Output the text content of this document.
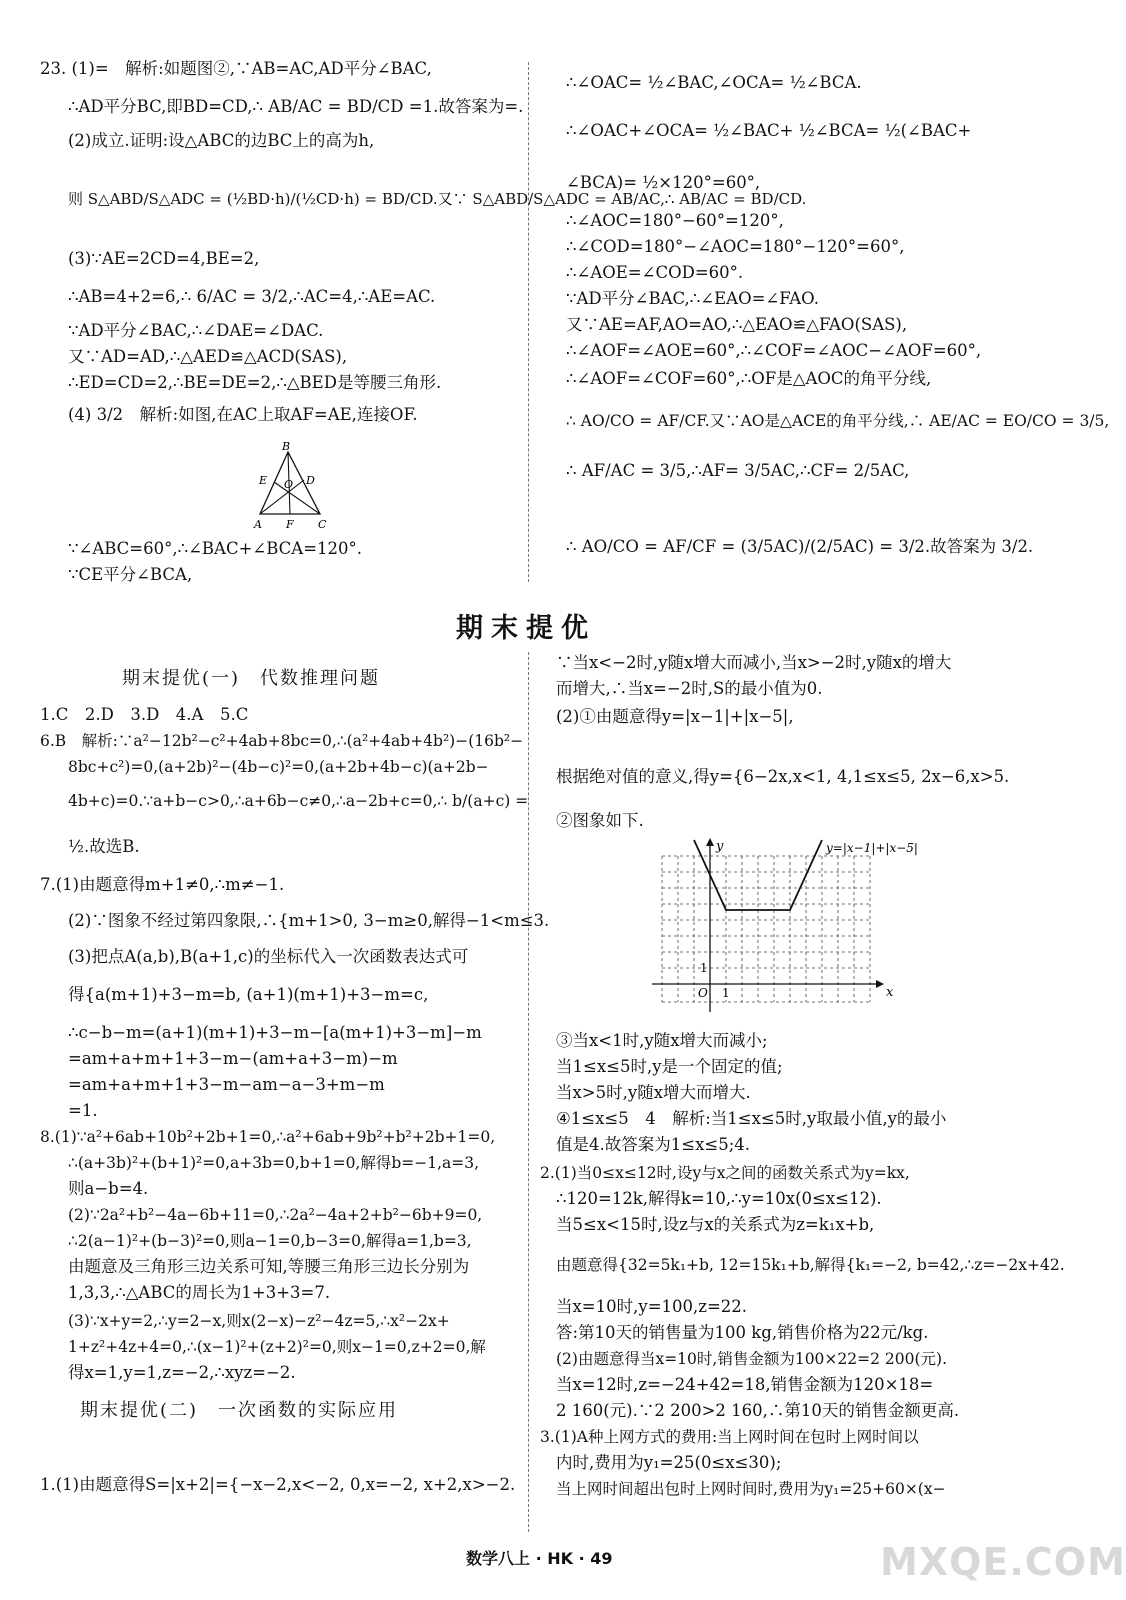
23. (1)=　解析:如题图②,∵AB=AC,AD平分∠BAC,
∴AD平分BC,即BD=CD,∴ AB/AC = BD/CD =1.故答案为=.
(2)成立.证明:设△ABC的边BC上的高为h,
则 S△ABD/S△ADC = (½BD·h)/(½CD·h) = BD/CD.又∵ S△ABD/S△ADC = AB/AC,∴ AB/AC = BD/CD.
(3)∵AE=2CD=4,BE=2,
∴AB=4+2=6,∴ 6/AC = 3/2,∴AC=4,∴AE=AC.
∵AD平分∠BAC,∴∠DAE=∠DAC.
又∵AD=AD,∴△AED≌△ACD(SAS),
∴ED=CD=2,∴BE=DE=2,∴△BED是等腰三角形.
(4) 3/2　解析:如图,在AC上取AF=AE,连接OF.
B
E O D
A F C
∵∠ABC=60°,∴∠BAC+∠BCA=120°.
∵CE平分∠BCA,
∴∠OAC= ½∠BAC,∠OCA= ½∠BCA.
∴∠OAC+∠OCA= ½∠BAC+ ½∠BCA= ½(∠BAC+
∠BCA)= ½×120°=60°,
∴∠AOC=180°−60°=120°,
∴∠COD=180°−∠AOC=180°−120°=60°,
∴∠AOE=∠COD=60°.
∵AD平分∠BAC,∴∠EAO=∠FAO.
又∵AE=AF,AO=AO,∴△EAO≌△FAO(SAS),
∴∠AOF=∠AOE=60°,∴∠COF=∠AOC−∠AOF=60°,
∴∠AOF=∠COF=60°,∴OF是△AOC的角平分线,
∴ AO/CO = AF/CF.又∵AO是△ACE的角平分线,∴ AE/AC = EO/CO = 3/5,
∴ AF/AC = 3/5,∴AF= 3/5AC,∴CF= 2/5AC,
∴ AO/CO = AF/CF = (3/5AC)/(2/5AC) = 3/2.故答案为 3/2.
期末提优
期末提优(一)　代数推理问题
1.C　2.D　3.D　4.A　5.C
6.B　解析:∵a²−12b²−c²+4ab+8bc=0,∴(a²+4ab+4b²)−(16b²−
8bc+c²)=0,(a+2b)²−(4b−c)²=0,(a+2b+4b−c)(a+2b−
4b+c)=0.∵a+b−c>0,∴a+6b−c≠0,∴a−2b+c=0,∴ b/(a+c) =
½.故选B.
7.(1)由题意得m+1≠0,∴m≠−1.
(2)∵图象不经过第四象限,∴{m+1>0, 3−m≥0,解得−1<m≤3.
(3)把点A(a,b),B(a+1,c)的坐标代入一次函数表达式可
得{a(m+1)+3−m=b, (a+1)(m+1)+3−m=c,
∴c−b−m=(a+1)(m+1)+3−m−[a(m+1)+3−m]−m
=am+a+m+1+3−m−(am+a+3−m)−m
=am+a+m+1+3−m−am−a−3+m−m
=1.
8.(1)∵a²+6ab+10b²+2b+1=0,∴a²+6ab+9b²+b²+2b+1=0,
∴(a+3b)²+(b+1)²=0,a+3b=0,b+1=0,解得b=−1,a=3,
则a−b=4.
(2)∵2a²+b²−4a−6b+11=0,∴2a²−4a+2+b²−6b+9=0,
∴2(a−1)²+(b−3)²=0,则a−1=0,b−3=0,解得a=1,b=3,
由题意及三角形三边关系可知,等腰三角形三边长分别为
1,3,3,∴△ABC的周长为1+3+3=7.
(3)∵x+y=2,∴y=2−x,则x(2−x)−z²−4z=5,∴x²−2x+
1+z²+4z+4=0,∴(x−1)²+(z+2)²=0,则x−1=0,z+2=0,解
得x=1,y=1,z=−2,∴xyz=−2.
期末提优(二)　一次函数的实际应用
1.(1)由题意得S=|x+2|={−x−2,x<−2, 0,x=−2, x+2,x>−2.
∵当x<−2时,y随x增大而减小,当x>−2时,y随x的增大
而增大,∴当x=−2时,S的最小值为0.
(2)①由题意得y=|x−1|+|x−5|,
根据绝对值的意义,得y={6−2x,x<1, 4,1≤x≤5, 2x−6,x>5.
②图象如下.
y
x
O 1
1
y=|x−1|+|x−5|
③当x<1时,y随x增大而减小;
当1≤x≤5时,y是一个固定的值;
当x>5时,y随x增大而增大.
④1≤x≤5　4　解析:当1≤x≤5时,y取最小值,y的最小
值是4.故答案为1≤x≤5;4.
2.(1)当0≤x≤12时,设y与x之间的函数关系式为y=kx,
∴120=12k,解得k=10,∴y=10x(0≤x≤12).
当5≤x<15时,设z与x的关系式为z=k₁x+b,
由题意得{32=5k₁+b, 12=15k₁+b,解得{k₁=−2, b=42,∴z=−2x+42.
当x=10时,y=100,z=22.
答:第10天的销售量为100 kg,销售价格为22元/kg.
(2)由题意得当x=10时,销售金额为100×22=2 200(元).
当x=12时,z=−24+42=18,销售金额为120×18=
2 160(元).∵2 200>2 160,∴第10天的销售金额更高.
3.(1)A种上网方式的费用:当上网时间在包时上网时间以
内时,费用为y₁=25(0≤x≤30);
当上网时间超出包时上网时间时,费用为y₁=25+60×(x−
数学八上 · HK · 49	MXQE.COM
